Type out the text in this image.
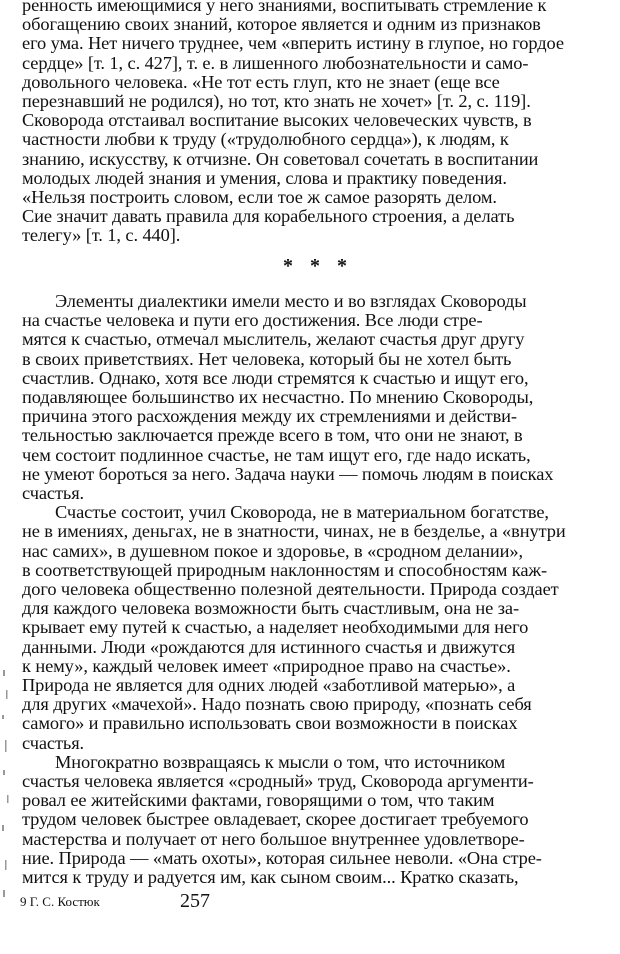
ренность имеющимися у него знаниями, воспитывать стремление к
обогащению своих знаний, которое является и одним из признаков
его ума. Нет ничего труднее, чем «вперить истину в глупое, но гордое
сердце» [т. 1, с. 427], т. е. в лишенного любознательности и само-
довольного человека. «Не тот есть глуп, кто не знает (еще все
перезнавший не родился), но тот, кто знать не хочет» [т. 2, с. 119].
Сковорода отстаивал воспитание высоких человеческих чувств, в
частности любви к труду («трудолюбного сердца»), к людям, к
знанию, искусству, к отчизне. Он советовал сочетать в воспитании
молодых людей знания и умения, слова и практику поведения.
«Нельзя построить словом, если тое ж самое разорять делом.
Сие значит давать правила для корабельного строения, а делать
телегу» [т. 1, с. 440].
* * *
Элементы диалектики имели место и во взглядах Сковороды
на счастье человека и пути его достижения. Все люди стре-
мятся к счастью, отмечал мыслитель, желают счастья друг другу
в своих приветствиях. Нет человека, который бы не хотел быть
счастлив. Однако, хотя все люди стремятся к счастью и ищут его,
подавляющее большинство их несчастно. По мнению Сковороды,
причина этого расхождения между их стремлениями и действи-
тельностью заключается прежде всего в том, что они не знают, в
чем состоит подлинное счастье, не там ищут его, где надо искать,
не умеют бороться за него. Задача науки — помочь людям в поисках
счастья.
Счастье состоит, учил Сковорода, не в материальном богатстве,
не в имениях, деньгах, не в знатности, чинах, не в безделье, а «внутри
нас самих», в душевном покое и здоровье, в «сродном делании»,
в соответствующей природным наклонностям и способностям каж-
дого человека общественно полезной деятельности. Природа создает
для каждого человека возможности быть счастливым, она не за-
крывает ему путей к счастью, а наделяет необходимыми для него
данными. Люди «рождаются для истинного счастья и движутся
к нему», каждый человек имеет «природное право на счастье».
Природа не является для одних людей «заботливой матерью», а
для других «мачехой». Надо познать свою природу, «познать себя
самого» и правильно использовать свои возможности в поисках
счастья.
Многократно возвращаясь к мысли о том, что источником
счастья человека является «сродный» труд, Сковорода аргументи-
ровал ее житейскими фактами, говорящими о том, что таким
трудом человек быстрее овладевает, скорее достигает требуемого
мастерства и получает от него большое внутреннее удовлетворе-
ние. Природа — «мать охоты», которая сильнее неволи. «Она стре-
мится к труду и радуется им, как сыном своим... Кратко сказать,
9 Г. С. Костюк	257
